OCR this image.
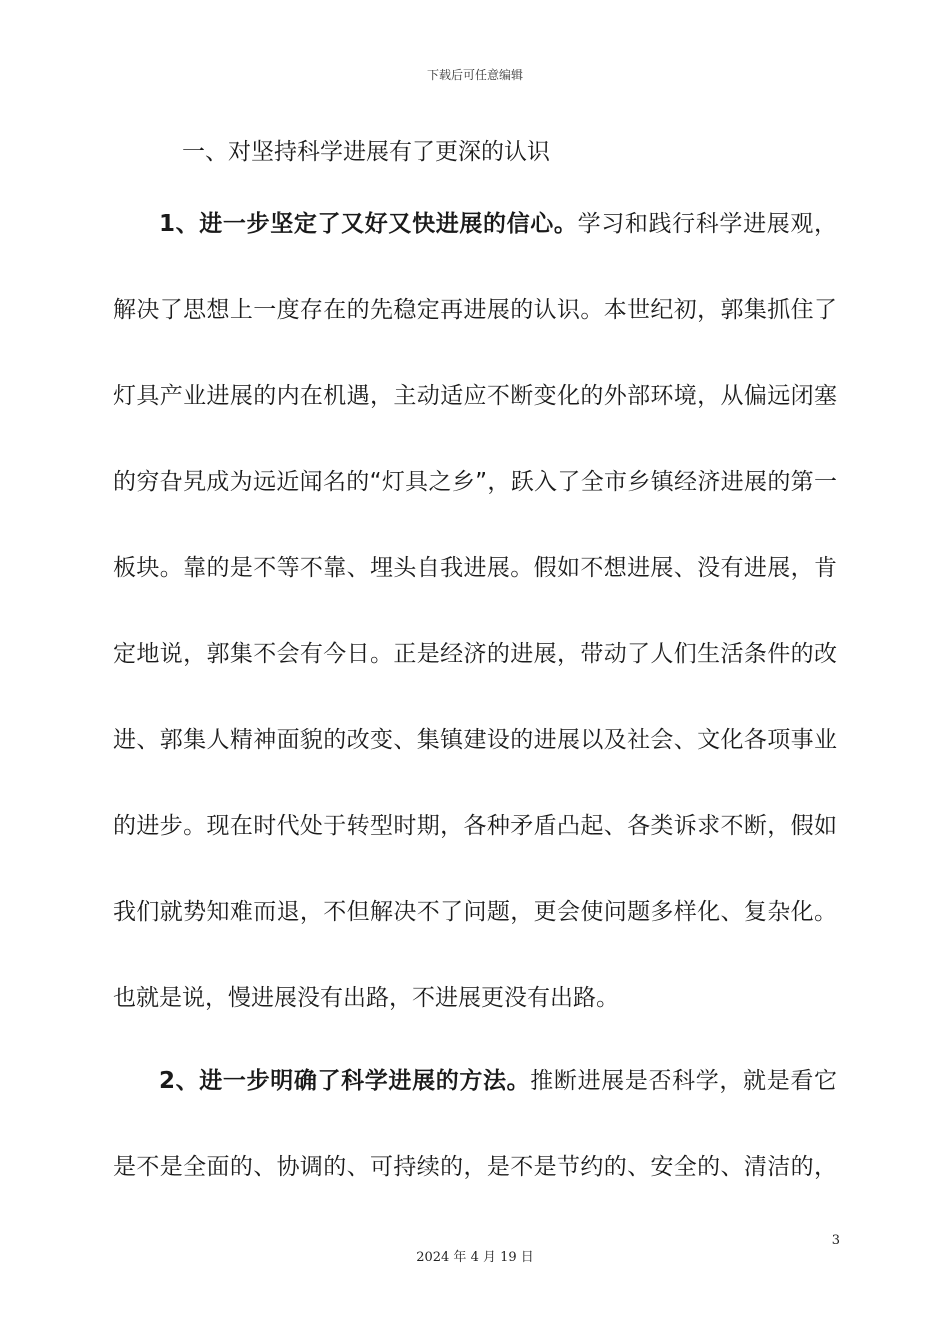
下载后可任意编辑
一、对坚持科学进展有了更深的认识
1、进一步坚定了又好又快进展的信心。学习和践行科学进展观，
解决了思想上一度存在的先稳定再进展的认识。本世纪初，郭集抓住了
灯具产业进展的内在机遇，主动适应不断变化的外部环境，从偏远闭塞
的穷旮旯成为远近闻名的“灯具之乡”，跃入了全市乡镇经济进展的第一
板块。靠的是不等不靠、埋头自我进展。假如不想进展、没有进展，肯
定地说，郭集不会有今日。正是经济的进展，带动了人们生活条件的改
进、郭集人精神面貌的改变、集镇建设的进展以及社会、文化各项事业
的进步。现在时代处于转型时期，各种矛盾凸起、各类诉求不断，假如
我们就势知难而退，不但解决不了问题，更会使问题多样化、复杂化。
也就是说，慢进展没有出路，不进展更没有出路。
2、进一步明确了科学进展的方法。推断进展是否科学，就是看它
是不是全面的、协调的、可持续的，是不是节约的、安全的、清洁的，
3
2024 年 4 月 19 日
